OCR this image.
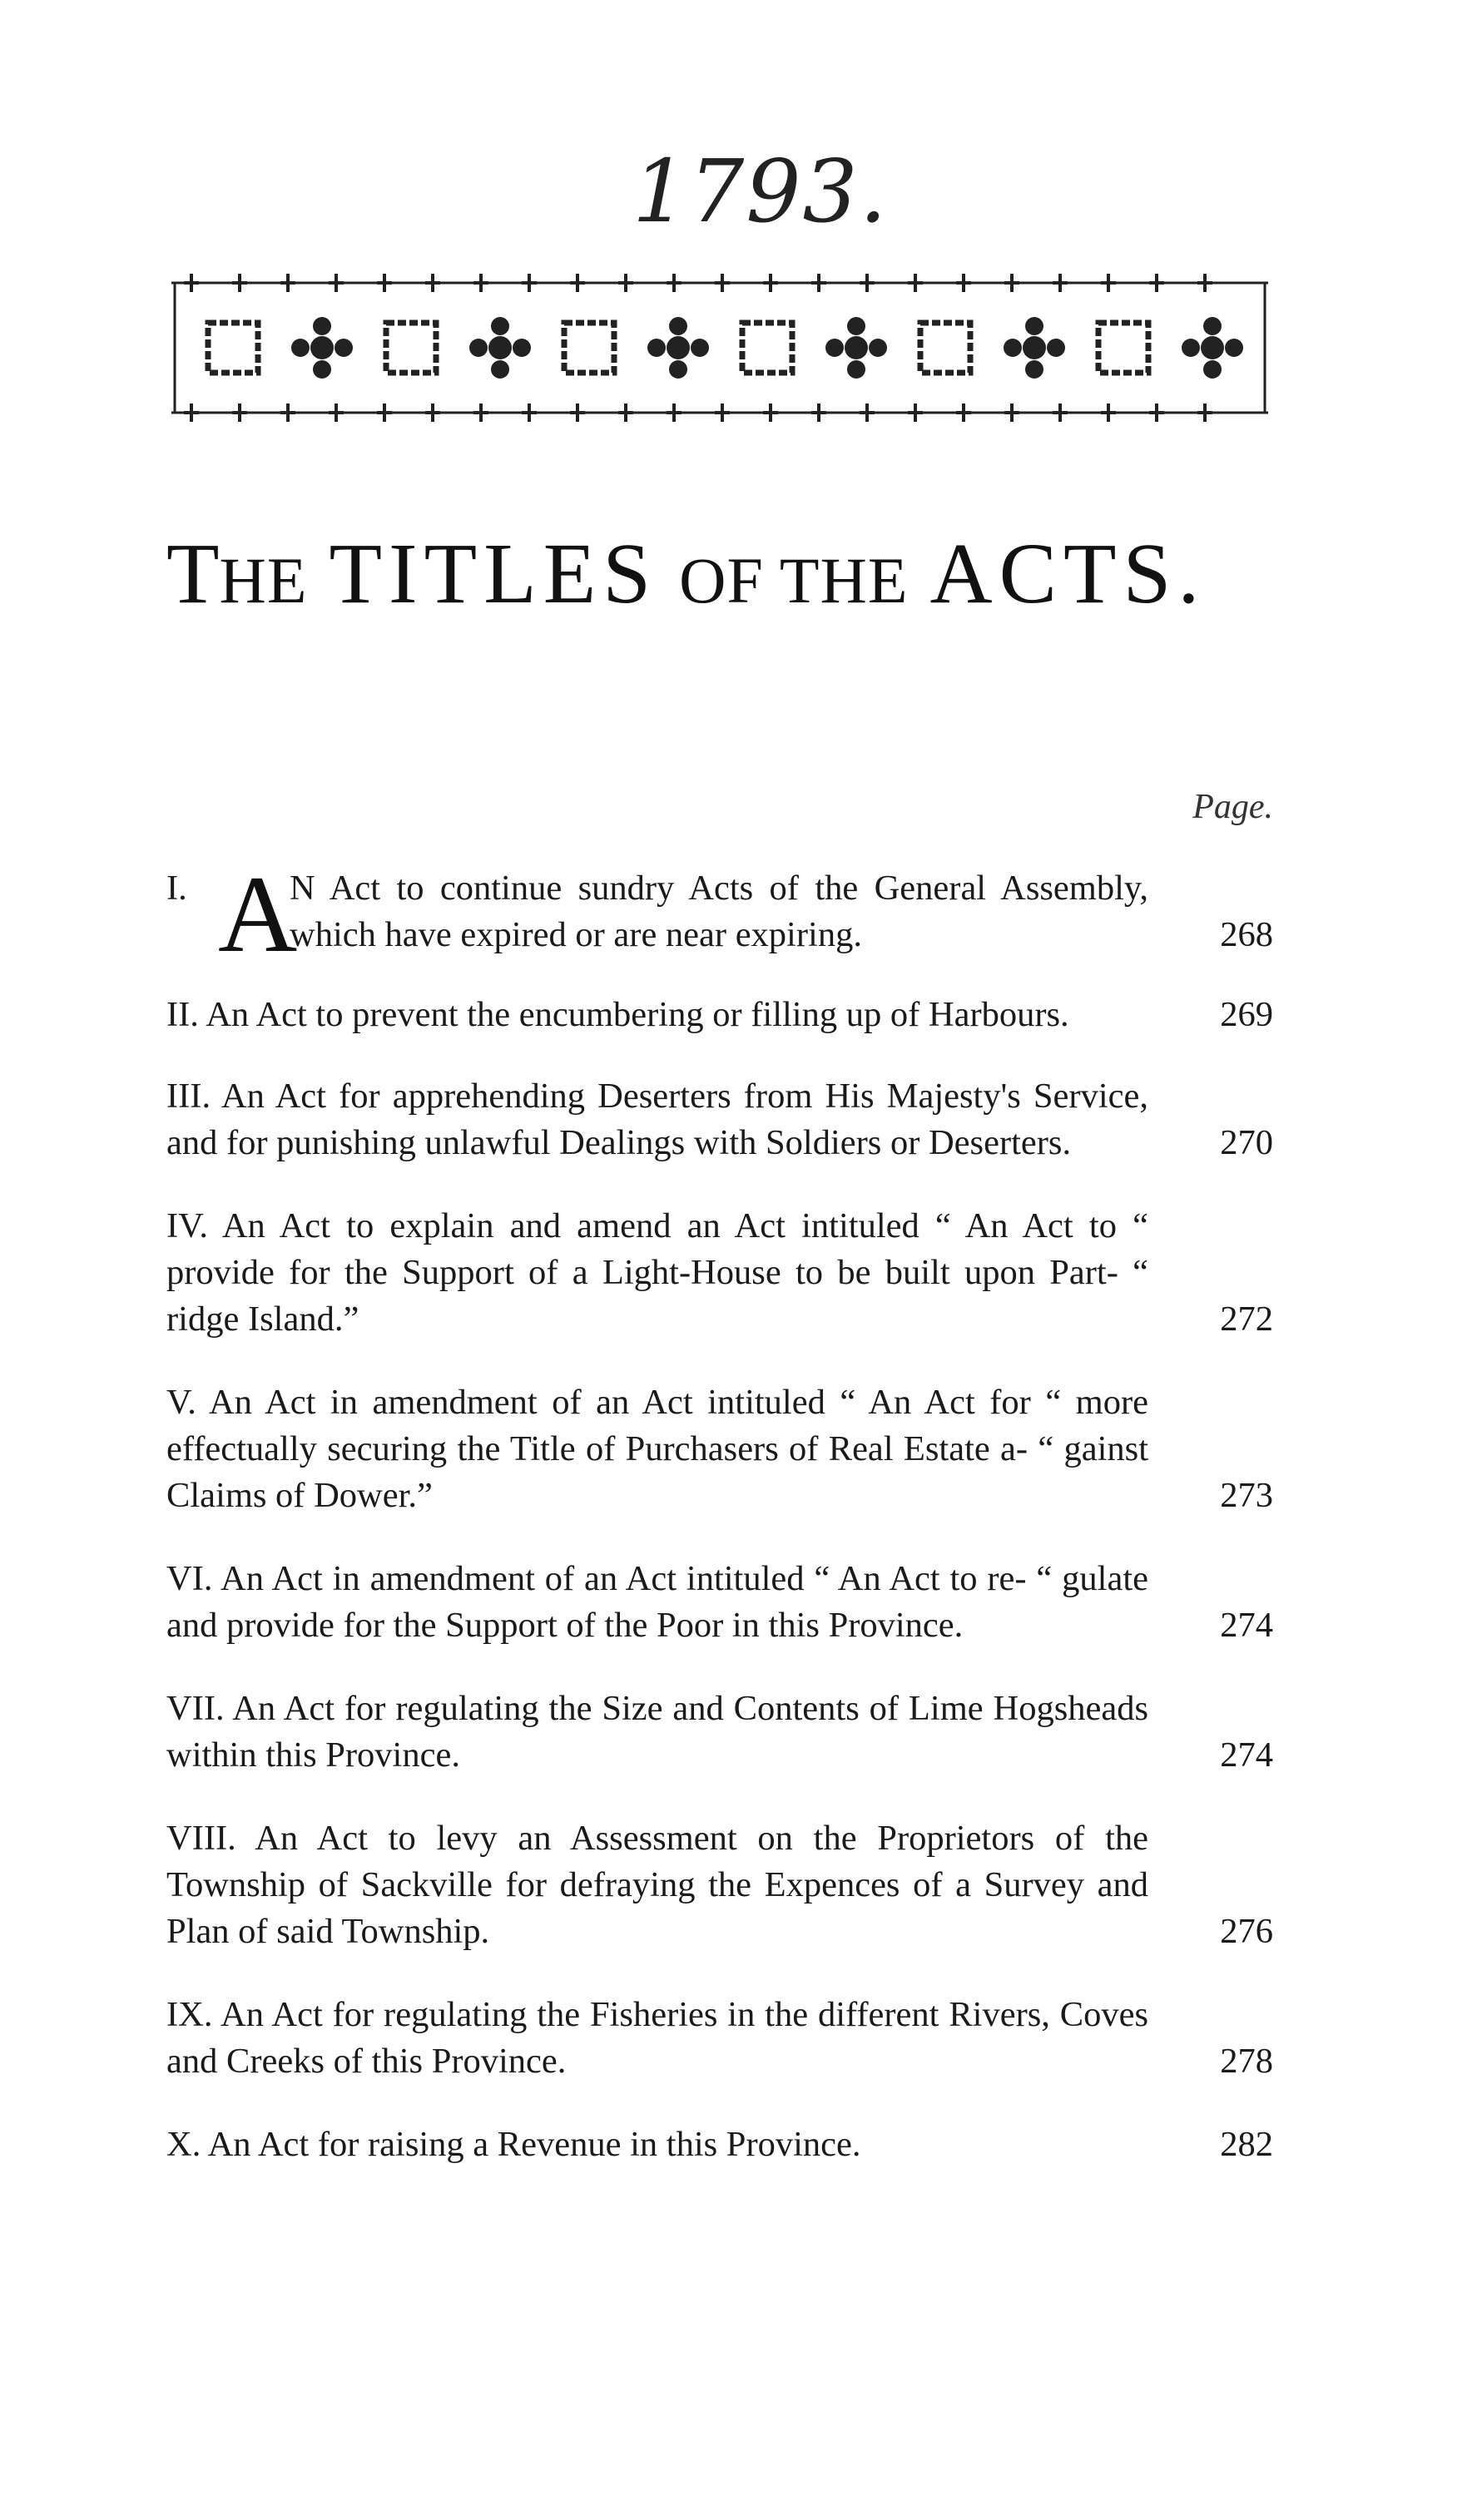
1793.
THE TITLES OF THE ACTS.
Page.
I. A
N Act to continue sundry Acts of the General Assembly, which have expired or are near expiring.	268
II. An Act to prevent the encumbering or filling up of Harbours.	269
III. An Act for apprehending Deserters from His Majesty's Service, and for punishing unlawful Dealings with Soldiers or Deserters.	270
IV. An Act to explain and amend an Act intituled “ An Act to “ provide for the Support of a Light-House to be built upon Part- “ ridge Island.”	272
V. An Act in amendment of an Act intituled “ An Act for “ more effectually securing the Title of Purchasers of Real Estate a- “ gainst Claims of Dower.”	273
VI. An Act in amendment of an Act intituled “ An Act to re- “ gulate and provide for the Support of the Poor in this Province.	274
VII. An Act for regulating the Size and Contents of Lime Hogsheads within this Province.	274
VIII. An Act to levy an Assessment on the Proprietors of the Township of Sackville for defraying the Expences of a Survey and Plan of said Township.	276
IX. An Act for regulating the Fisheries in the different Rivers, Coves and Creeks of this Province.	278
X. An Act for raising a Revenue in this Province.	282
